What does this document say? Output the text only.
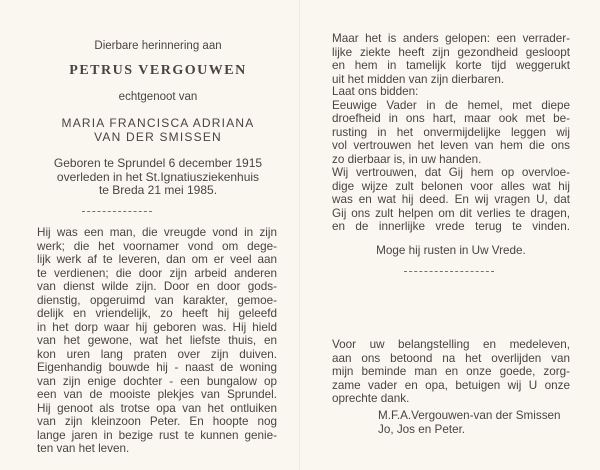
Dierbare herinnering aan
PETRUS VERGOUWEN
echtgenoot van
MARIA FRANCISCA ADRIANA
VAN DER SMISSEN
Geboren te Sprundel 6 december 1915
overleden in het St.Ignatiusziekenhuis
te Breda 21 mei 1985.
Hij was een man, die vreugde vond in zijn
werk; die het voornamer vond om dege-
lijk werk af te leveren, dan om er veel aan
te verdienen; die door zijn arbeid anderen
van dienst wilde zijn. Door en door gods-
dienstig, opgeruimd van karakter, gemoe-
delijk en vriendelijk, zo heeft hij geleefd
in het dorp waar hij geboren was. Hij hield
van het gewone, wat het liefste thuis, en
kon uren lang praten over zijn duiven.
Eigenhandig bouwde hij - naast de woning
van zijn enige dochter - een bungalow op
een van de mooiste plekjes van Sprundel.
Hij genoot als trotse opa van het ontluiken
van zijn kleinzoon Peter. En hoopte nog
lange jaren in bezige rust te kunnen genie-
ten van het leven.
Maar het is anders gelopen: een verrader-
lijke ziekte heeft zijn gezondheid gesloopt
en hem in tamelijk korte tijd weggerukt
uit het midden van zijn dierbaren.
Laat ons bidden:
Eeuwige Vader in de hemel, met diepe
droefheid in ons hart, maar ook met be-
rusting in het onvermijdelijke leggen wij
vol vertrouwen het leven van hem die ons
zo dierbaar is, in uw handen.
Wij vertrouwen, dat Gij hem op overvloe-
dige wijze zult belonen voor alles wat hij
was en wat hij deed. En wij vragen U, dat
Gij ons zult helpen om dit verlies te dragen,
en de innerlijke vrede terug te vinden.
Moge hij rusten in Uw Vrede.
Voor uw belangstelling en medeleven,
aan ons betoond na het overlijden van
mijn beminde man en onze goede, zorg-
zame vader en opa, betuigen wij U onze
oprechte dank.
M.F.A.Vergouwen-van der Smissen
Jo, Jos en Peter.
